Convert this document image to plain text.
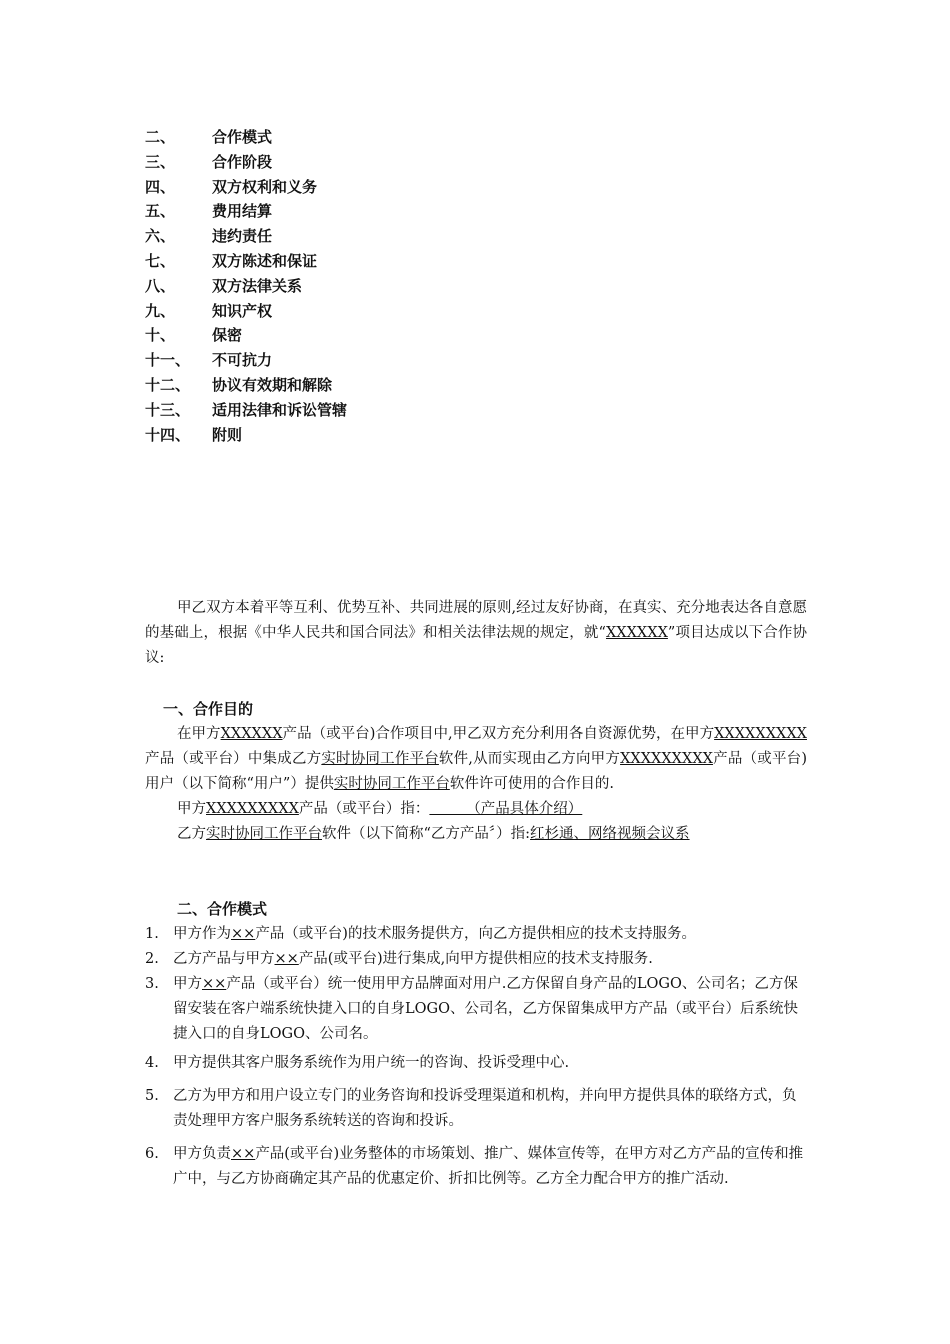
二、 合作模式
三、 合作阶段
四、 双方权利和义务
五、 费用结算
六、 违约责任
七、 双方陈述和保证
八、 双方法律关系
九、 知识产权
十、 保密
十一、 不可抗力
十二、 协议有效期和解除
十三、 适用法律和诉讼管辖
十四、 附则

甲乙双方本着平等互利、优势互补、共同进展的原则,经过友好协商，在真实、充分地表达各自意愿的基础上，根据《中华人民共和国合同法》和相关法律法规的规定，就“XXXXXX”项目达成以下合作协议:

一、合作目的

在甲方XXXXXX产品（或平台)合作项目中,甲乙双方充分利用各自资源优势，在甲方XXXXXXXXX产品（或平台）中集成乙方实时协同工作平台软件,从而实现由乙方向甲方XXXXXXXXX产品（或平台)用户（以下简称“用户”）提供实时协同工作平台软件许可使用的合作目的.

甲方XXXXXXXXX产品（或平台）指：        （产品具体介绍）

乙方实时协同工作平台软件（以下简称“乙方产品〞）指:红杉通、网络视频会议系

二、合作模式

1. 甲方作为××产品（或平台)的技术服务提供方，向乙方提供相应的技术支持服务。
2. 乙方产品与甲方××产品(或平台)进行集成,向甲方提供相应的技术支持服务.
3. 甲方××产品（或平台）统一使用甲方品牌面对用户.乙方保留自身产品的LOGO、公司名；乙方保留安装在客户端系统快捷入口的自身LOGO、公司名，乙方保留集成甲方产品（或平台）后系统快捷入口的自身LOGO、公司名。
4. 甲方提供其客户服务系统作为用户统一的咨询、投诉受理中心.
5. 乙方为甲方和用户设立专门的业务咨询和投诉受理渠道和机构，并向甲方提供具体的联络方式，负责处理甲方客户服务系统转送的咨询和投诉。
6. 甲方负责××产品(或平台)业务整体的市场策划、推广、媒体宣传等，在甲方对乙方产品的宣传和推广中，与乙方协商确定其产品的优惠定价、折扣比例等。乙方全力配合甲方的推广活动.
